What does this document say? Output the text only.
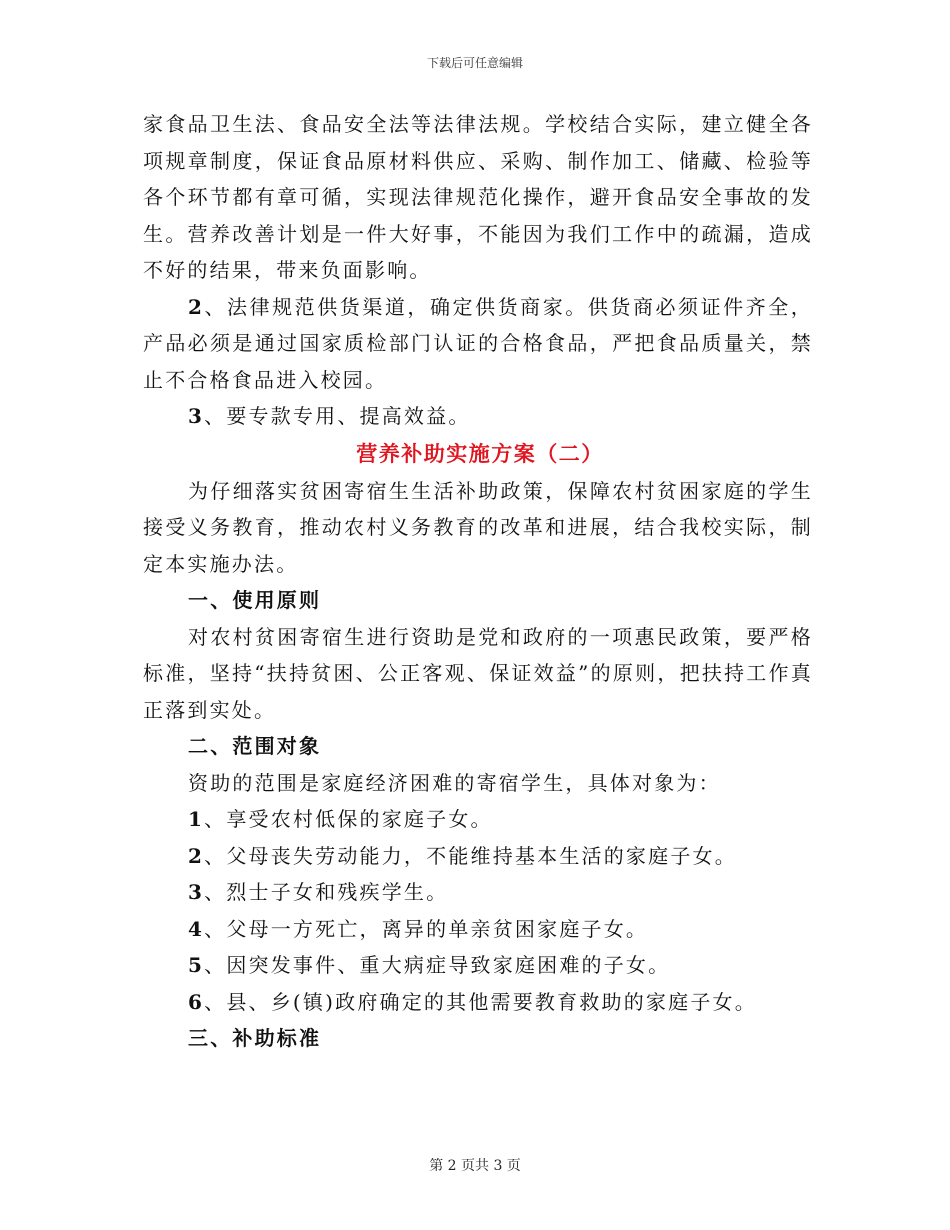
下载后可任意编辑

家食品卫生法、食品安全法等法律法规。学校结合实际，建立健全各项规章制度，保证食品原材料供应、采购、制作加工、储藏、检验等各个环节都有章可循，实现法律规范化操作，避开食品安全事故的发生。营养改善计划是一件大好事，不能因为我们工作中的疏漏，造成不好的结果，带来负面影响。

2、法律规范供货渠道，确定供货商家。供货商必须证件齐全，产品必须是通过国家质检部门认证的合格食品，严把食品质量关，禁止不合格食品进入校园。

3、要专款专用、提高效益。

营养补助实施方案（二）

为仔细落实贫困寄宿生生活补助政策，保障农村贫困家庭的学生接受义务教育，推动农村义务教育的改革和进展，结合我校实际，制定本实施办法。

一、使用原则

对农村贫困寄宿生进行资助是党和政府的一项惠民政策，要严格标准，坚持“扶持贫困、公正客观、保证效益”的原则，把扶持工作真正落到实处。

二、范围对象

资助的范围是家庭经济困难的寄宿学生，具体对象为：

1、享受农村低保的家庭子女。

2、父母丧失劳动能力，不能维持基本生活的家庭子女。

3、烈士子女和残疾学生。

4、父母一方死亡，离异的单亲贫困家庭子女。

5、因突发事件、重大病症导致家庭困难的子女。

6、县、乡(镇)政府确定的其他需要教育救助的家庭子女。

三、补助标准

第 2 页共 3 页
